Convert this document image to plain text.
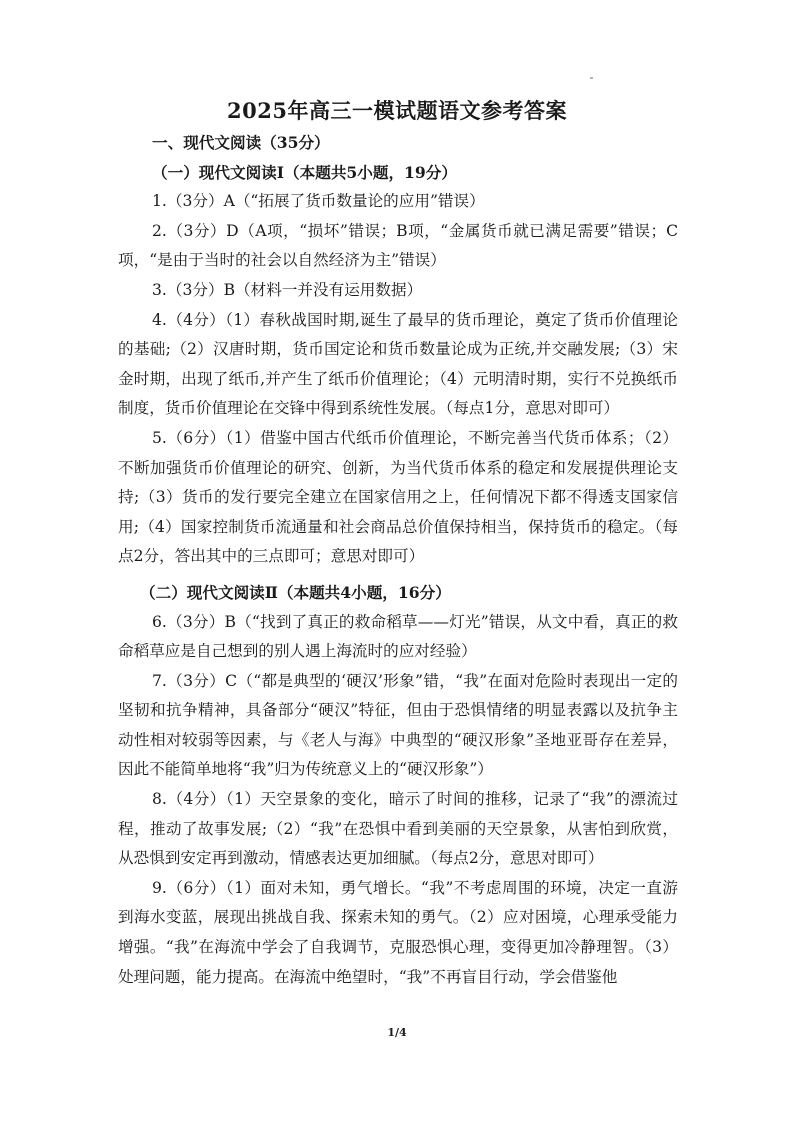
2025年高三一模试题语文参考答案

一、现代文阅读（35分）

（一）现代文阅读Ⅰ（本题共5小题，19分）

1.（3分）A（“拓展了货币数量论的应用”错误）

2.（3分）D（A项，“损坏”错误；B项，“金属货币就已满足需要”错误；C项，“是由于当时的社会以自然经济为主”错误）

3.（3分）B（材料一并没有运用数据）

4.（4分）（1）春秋战国时期,诞生了最早的货币理论，奠定了货币价值理论的基础;（2）汉唐时期，货币国定论和货币数量论成为正统,并交融发展;（3）宋金时期，出现了纸币,并产生了纸币价值理论；（4）元明清时期，实行不兑换纸币制度，货币价值理论在交锋中得到系统性发展。（每点1分，意思对即可）

5.（6分）（1）借鉴中国古代纸币价值理论，不断完善当代货币体系；（2）不断加强货币价值理论的研究、创新，为当代货币体系的稳定和发展提供理论支持;（3）货币的发行要完全建立在国家信用之上，任何情况下都不得透支国家信用;（4）国家控制货币流通量和社会商品总价值保持相当，保持货币的稳定。（每点2分，答出其中的三点即可；意思对即可）

（二）现代文阅读Ⅱ（本题共4小题，16分）

6.（3分）B（“找到了真正的救命稻草——灯光”错误，从文中看，真正的救命稻草应是自己想到的别人遇上海流时的应对经验）

7.（3分）C（“都是典型的‘硬汉’形象”错，“我”在面对危险时表现出一定的坚韧和抗争精神，具备部分“硬汉”特征，但由于恐惧情绪的明显表露以及抗争主动性相对较弱等因素，与《老人与海》中典型的“硬汉形象”圣地亚哥存在差异，因此不能简单地将“我”归为传统意义上的“硬汉形象”）

8.（4分）（1）天空景象的变化，暗示了时间的推移，记录了“我”的漂流过程，推动了故事发展;（2）“我”在恐惧中看到美丽的天空景象，从害怕到欣赏，从恐惧到安定再到激动，情感表达更加细腻。（每点2分，意思对即可）

9.（6分）（1）面对未知，勇气增长。“我”不考虑周围的环境，决定一直游到海水变蓝，展现出挑战自我、探索未知的勇气。（2）应对困境，心理承受能力增强。“我”在海流中学会了自我调节，克服恐惧心理，变得更加冷静理智。（3）处理问题，能力提高。在海流中绝望时，“我”不再盲目行动，学会借鉴他

1/4
